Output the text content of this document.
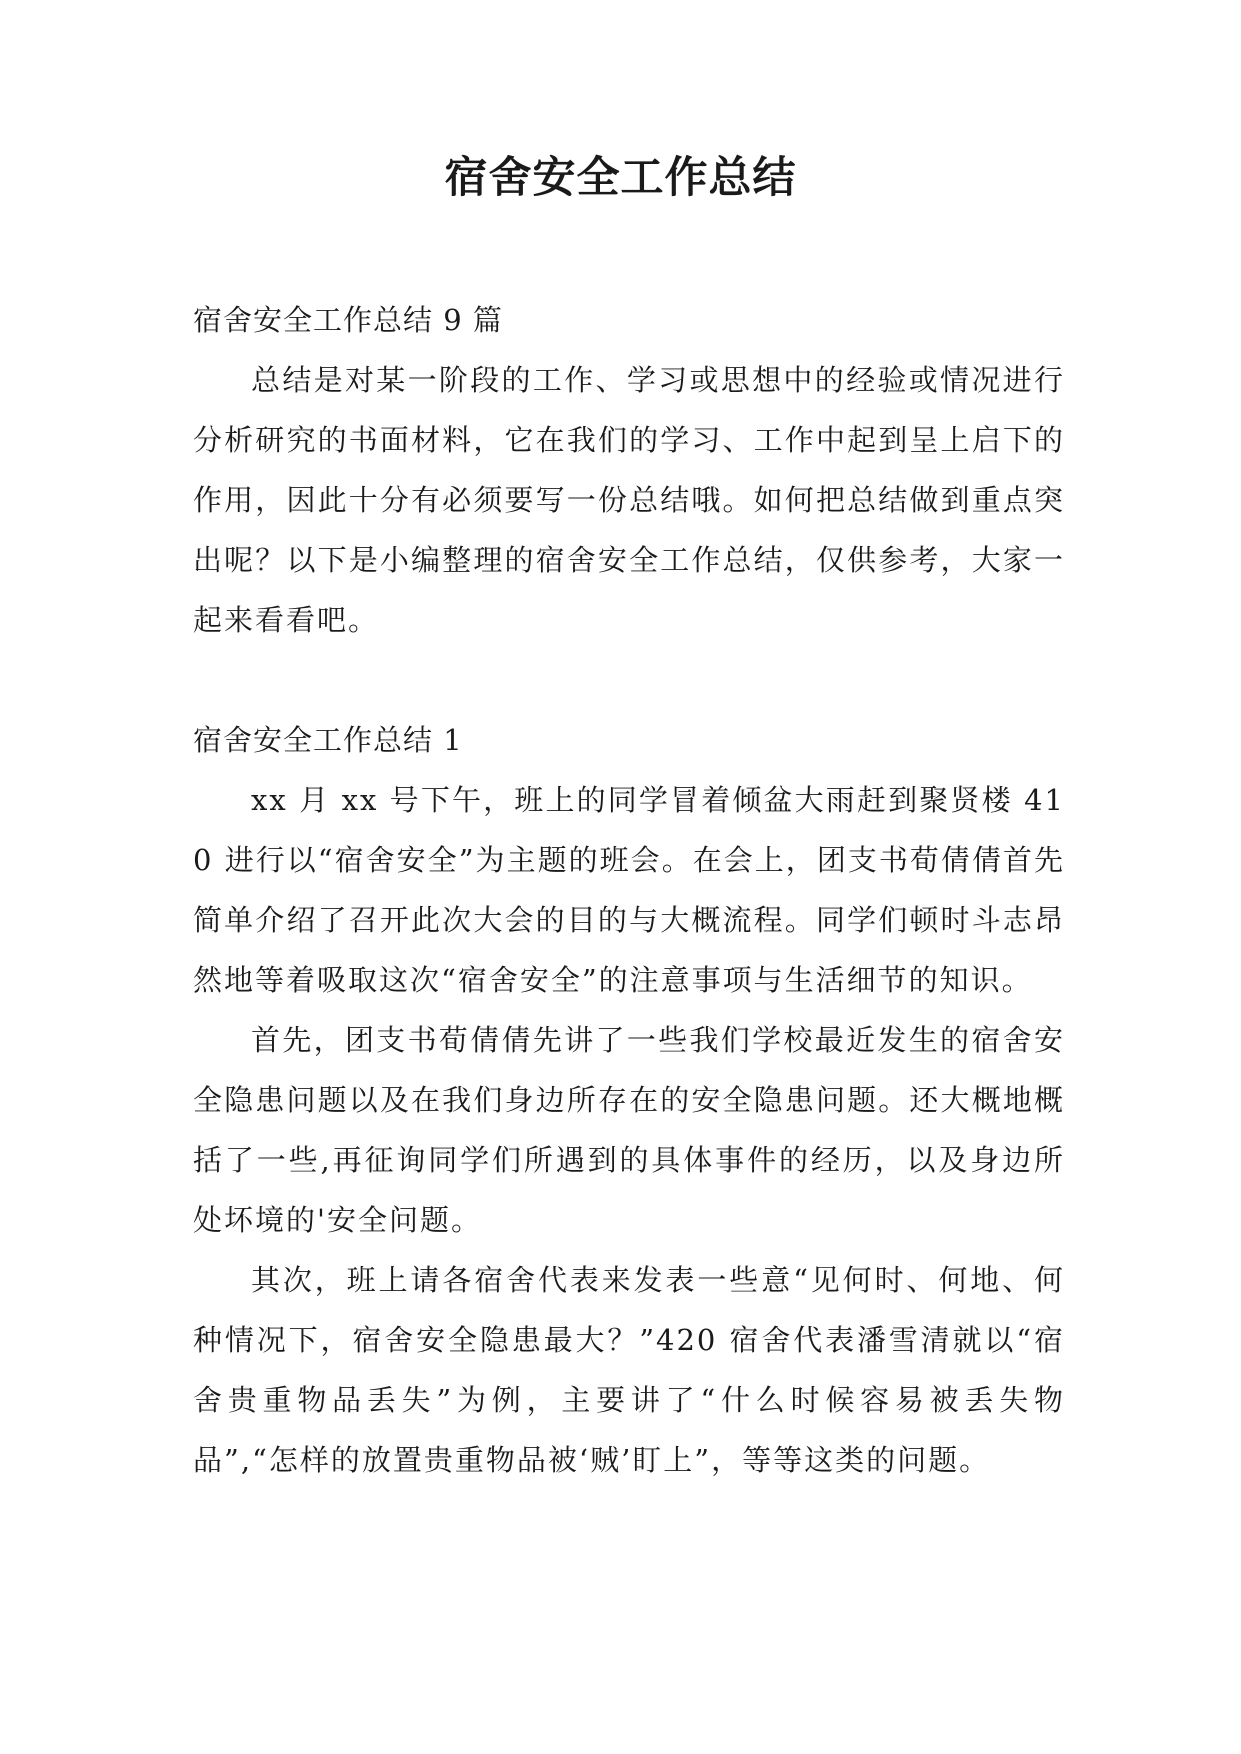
宿舍安全工作总结

宿舍安全工作总结 9 篇

总结是对某一阶段的工作、学习或思想中的经验或情况进行分析研究的书面材料，它在我们的学习、工作中起到呈上启下的作用，因此十分有必须要写一份总结哦。如何把总结做到重点突出呢？以下是小编整理的宿舍安全工作总结，仅供参考，大家一起来看看吧。

宿舍安全工作总结 1

xx 月 xx 号下午，班上的同学冒着倾盆大雨赶到聚贤楼 410 进行以“宿舍安全”为主题的班会。在会上，团支书荀倩倩首先简单介绍了召开此次大会的目的与大概流程。同学们顿时斗志昂然地等着吸取这次“宿舍安全”的注意事项与生活细节的知识。

首先，团支书荀倩倩先讲了一些我们学校最近发生的宿舍安全隐患问题以及在我们身边所存在的安全隐患问题。还大概地概括了一些,再征询同学们所遇到的具体事件的经历，以及身边所处坏境的'安全问题。

其次，班上请各宿舍代表来发表一些意“见何时、何地、何种情况下，宿舍安全隐患最大？”420 宿舍代表潘雪清就以“宿舍贵重物品丢失”为例，主要讲了“什么时候容易被丢失物品”,“怎样的放置贵重物品被‘贼’盯上”，等等这类的问题。
